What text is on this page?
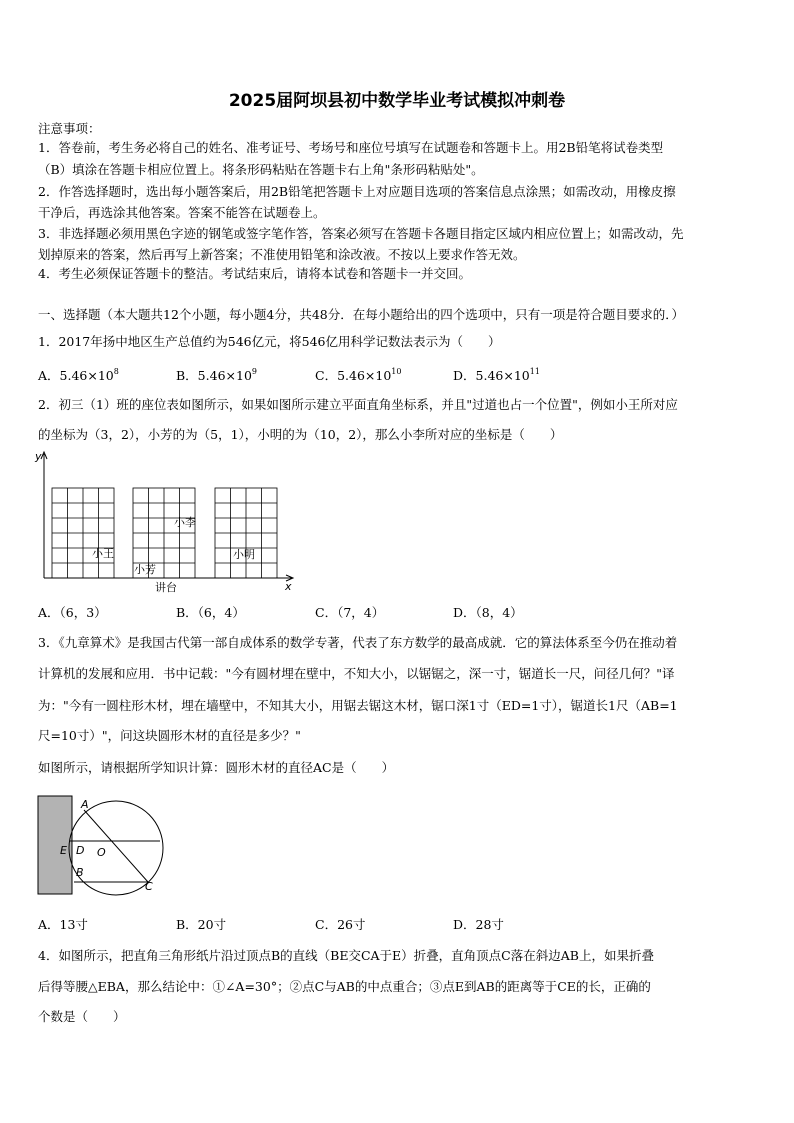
2025届阿坝县初中数学毕业考试模拟冲刺卷
注意事项：
1．答卷前，考生务必将自己的姓名、准考证号、考场号和座位号填写在试题卷和答题卡上。用2B铅笔将试卷类型
（B）填涂在答题卡相应位置上。将条形码粘贴在答题卡右上角"条形码粘贴处"。
2．作答选择题时，选出每小题答案后，用2B铅笔把答题卡上对应题目选项的答案信息点涂黑；如需改动，用橡皮擦
干净后，再选涂其他答案。答案不能答在试题卷上。
3．非选择题必须用黑色字迹的钢笔或签字笔作答，答案必须写在答题卡各题目指定区域内相应位置上；如需改动，先
划掉原来的答案，然后再写上新答案；不准使用铅笔和涂改液。不按以上要求作答无效。
4．考生必须保证答题卡的整洁。考试结束后，请将本试卷和答题卡一并交回。
一、选择题（本大题共12个小题，每小题4分，共48分．在每小题给出的四个选项中，只有一项是符合题目要求的．）
1．2017年扬中地区生产总值约为546亿元，将546亿用科学记数法表示为（　　）
A．$5.46\times 10^8$	B．$5.46\times 10^9$	C．$5.46\times 10^{10}$	D．$5.46\times 10^{11}$
2．初三（1）班的座位表如图所示，如果如图所示建立平面直角坐标系，并且"过道也占一个位置"，例如小王所对应
的坐标为（3，2），小芳的为（5，1），小明的为（10，2），那么小李所对应的坐标是（　　）
y
x
小王
小芳
小李
小明
讲台
A．（6，3）	B．（6，4）	C．（7，4）	D．（8，4）
3．《九章算术》是我国古代第一部自成体系的数学专著，代表了东方数学的最高成就．它的算法体系至今仍在推动着
计算机的发展和应用．书中记载："今有圆材埋在壁中，不知大小，以锯锯之，深一寸，锯道长一尺，问径几何？"译
为："今有一圆柱形木材，埋在墙壁中，不知其大小，用锯去锯这木材，锯口深1寸（ED=1寸），锯道长1尺（AB=1
尺=10寸）"，问这块圆形木材的直径是多少？"
如图所示，请根据所学知识计算：圆形木材的直径AC是（　　）
A
E D O
B
C
A．13寸	B．20寸	C．26寸	D．28寸
4．如图所示，把直角三角形纸片沿过顶点B的直线（BE交CA于E）折叠，直角顶点C落在斜边AB上，如果折叠
后得等腰△EBA，那么结论中：①∠A=30°；②点C与AB的中点重合；③点E到AB的距离等于CE的长，正确的
个数是（　　）
